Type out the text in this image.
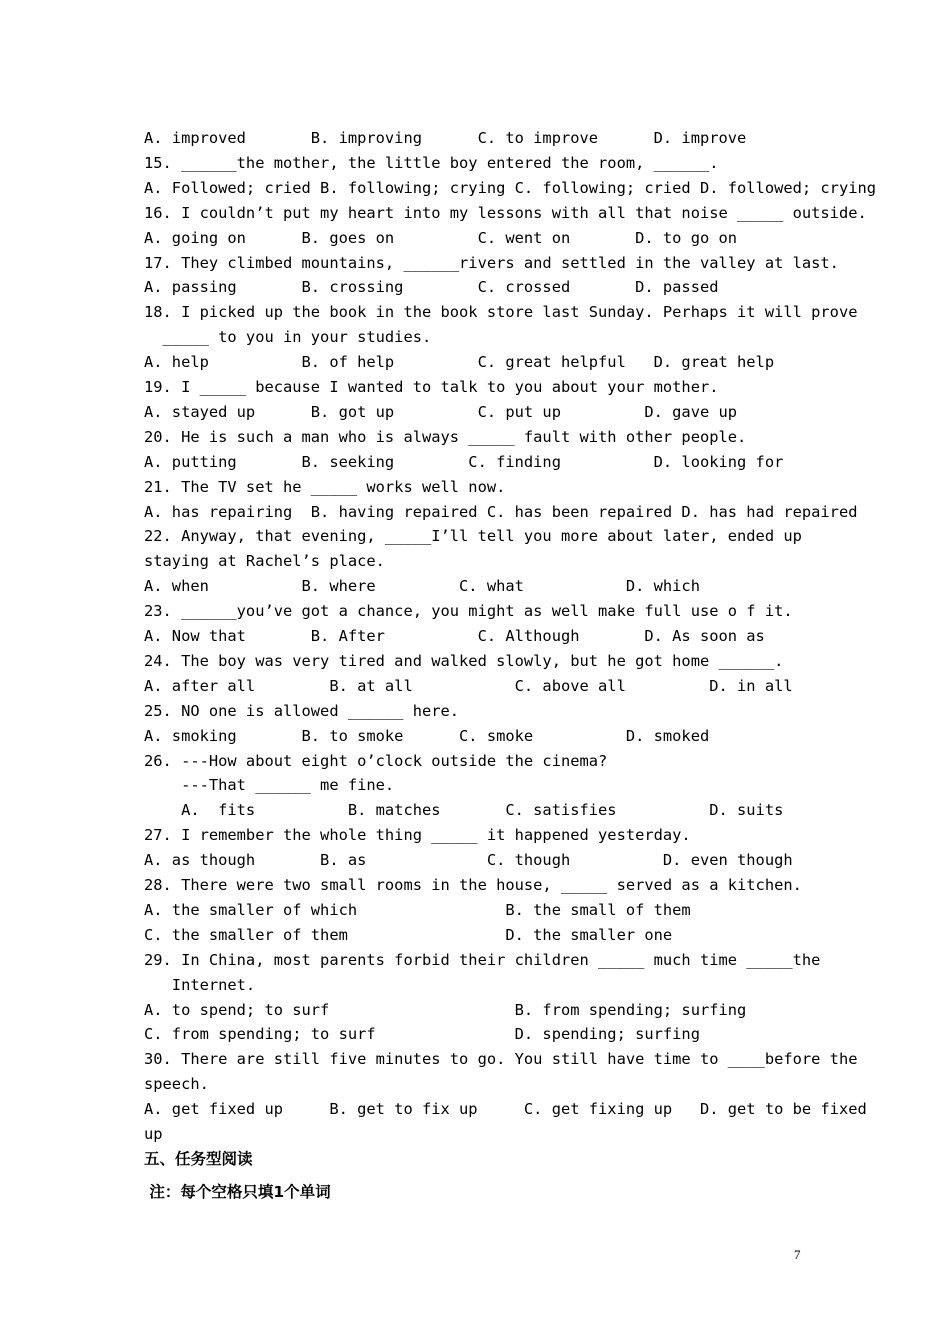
A. improved       B. improving      C. to improve      D. improve
15. ______the mother, the little boy entered the room, ______.
A. Followed; cried B. following; crying C. following; cried D. followed; crying
16. I couldn’t put my heart into my lessons with all that noise _____ outside.
A. going on      B. goes on         C. went on       D. to go on
17. They climbed mountains, ______rivers and settled in the valley at last.
A. passing       B. crossing        C. crossed       D. passed
18. I picked up the book in the book store last Sunday. Perhaps it will prove
_____ to you in your studies.
A. help          B. of help         C. great helpful   D. great help
19. I _____ because I wanted to talk to you about your mother.
A. stayed up      B. got up         C. put up         D. gave up
20. He is such a man who is always _____ fault with other people.
A. putting       B. seeking        C. finding          D. looking for
21. The TV set he _____ works well now.
A. has repairing  B. having repaired C. has been repaired D. has had repaired
22. Anyway, that evening, _____I’ll tell you more about later, ended up
staying at Rachel’s place.
A. when          B. where         C. what           D. which
23. ______you’ve got a chance, you might as well make full use o f it.
A. Now that       B. After          C. Although       D. As soon as
24. The boy was very tired and walked slowly, but he got home ______.
A. after all        B. at all           C. above all         D. in all
25. NO one is allowed ______ here.
A. smoking       B. to smoke      C. smoke          D. smoked
26. ---How about eight o’clock outside the cinema?
---That ______ me fine.
A.  fits          B. matches       C. satisfies          D. suits
27. I remember the whole thing _____ it happened yesterday.
A. as though       B. as             C. though          D. even though
28. There were two small rooms in the house, _____ served as a kitchen.
A. the smaller of which                B. the small of them
C. the smaller of them                 D. the smaller one
29. In China, most parents forbid their children _____ much time _____the
Internet.
A. to spend; to surf                    B. from spending; surfing
C. from spending; to surf               D. spending; surfing
30. There are still five minutes to go. You still have time to ____before the
speech.
A. get fixed up     B. get to fix up     C. get fixing up   D. get to be fixed
up
五、任务型阅读
注：每个空格只填1个单词
7
